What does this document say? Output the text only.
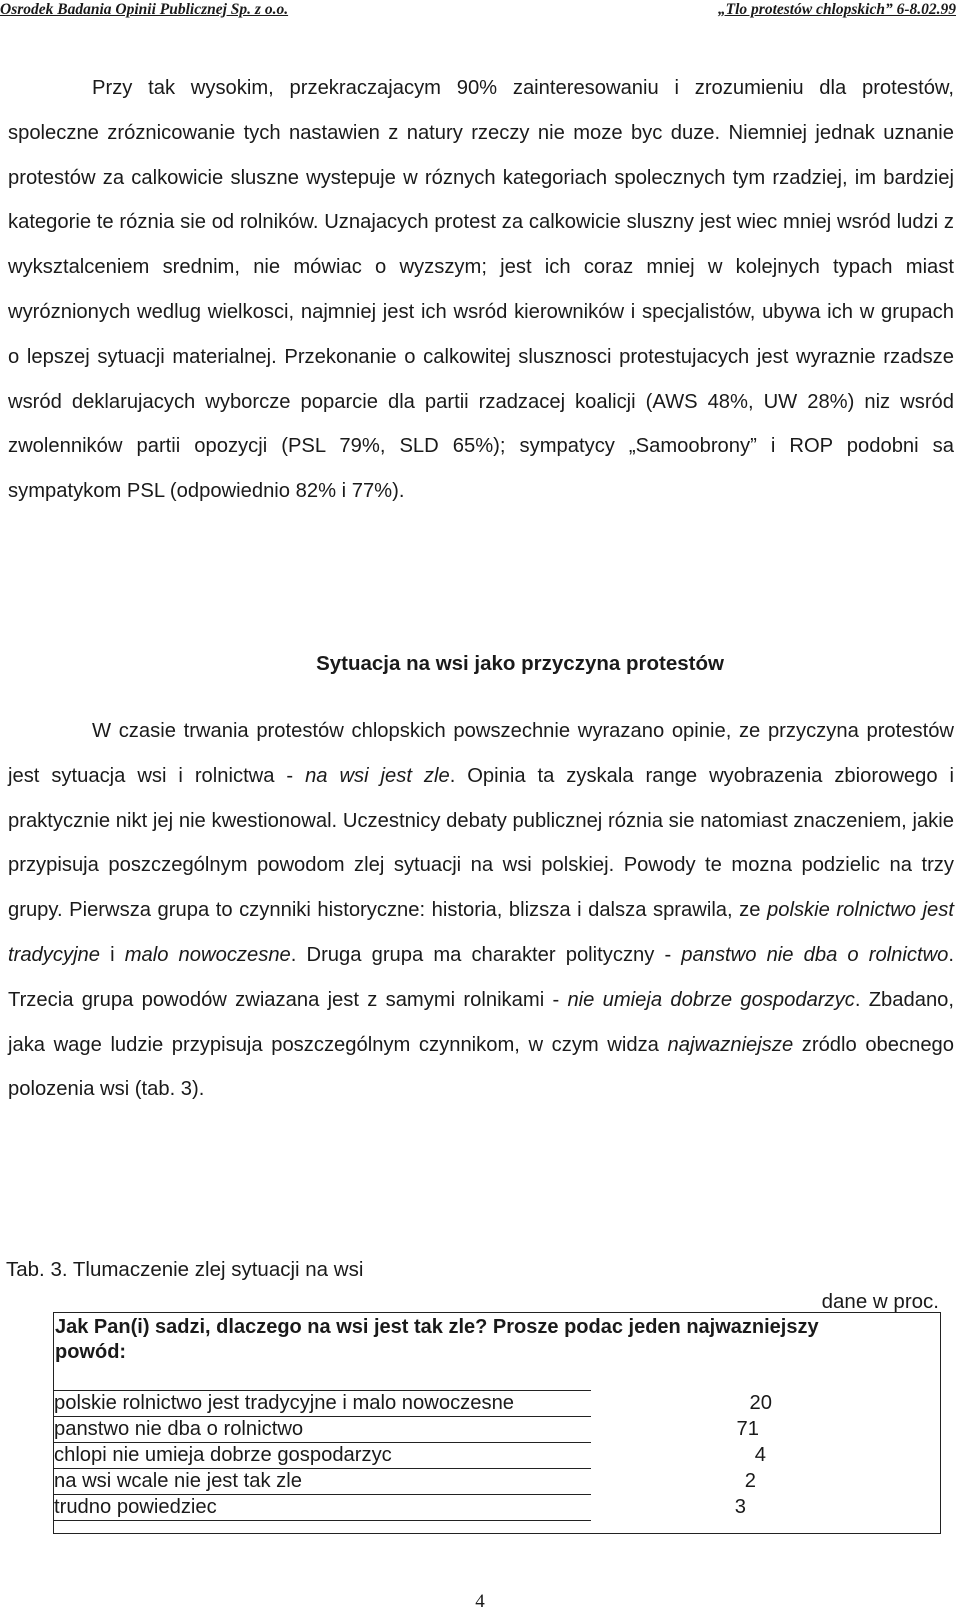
Osrodek Badania Opinii Publicznej Sp. z o.o.	„Tlo protestów chlopskich” 6-8.02.99

Przy tak wysokim, przekraczajacym 90% zainteresowaniu i zrozumieniu dla protestów, spoleczne zróznicowanie tych nastawien z natury rzeczy nie moze byc duze. Niemniej jednak uznanie protestów za calkowicie sluszne wystepuje w róznych kategoriach spolecznych tym rzadziej, im bardziej kategorie te róznia sie od rolników. Uznajacych protest za calkowicie sluszny jest wiec mniej wsród ludzi z wyksztalceniem srednim, nie mówiac o wyzszym; jest ich coraz mniej w kolejnych typach miast wyróznionych wedlug wielkosci, najmniej jest ich wsród kierowników i specjalistów, ubywa ich w grupach o lepszej sytuacji materialnej. Przekonanie o calkowitej slusznosci protestujacych jest wyraznie rzadsze wsród deklarujacych wyborcze poparcie dla partii rzadzacej koalicji (AWS 48%, UW 28%) niz wsród zwolenników partii opozycji (PSL 79%, SLD 65%); sympatycy „Samoobrony” i ROP podobni sa sympatykom PSL (odpowiednio 82% i 77%).

Sytuacja na wsi jako przyczyna protestów

W czasie trwania protestów chlopskich powszechnie wyrazano opinie, ze przyczyna protestów jest sytuacja wsi i rolnictwa - na wsi jest zle. Opinia ta zyskala range wyobrazenia zbiorowego i praktycznie nikt jej nie kwestionowal. Uczestnicy debaty publicznej róznia sie natomiast znaczeniem, jakie przypisuja poszczególnym powodom zlej sytuacji na wsi polskiej. Powody te mozna podzielic na trzy grupy. Pierwsza grupa to czynniki historyczne: historia, blizsza i dalsza sprawila, ze polskie rolnictwo jest tradycyjne i malo nowoczesne. Druga grupa ma charakter polityczny - panstwo nie dba o rolnictwo. Trzecia grupa powodów zwiazana jest z samymi rolnikami - nie umieja dobrze gospodarzyc. Zbadano, jaka wage ludzie przypisuja poszczególnym czynnikom, w czym widza najwazniejsze zródlo obecnego polozenia wsi (tab. 3).

Tab. 3. Tlumaczenie zlej sytuacji na wsi
dane w proc.

Jak Pan(i) sadzi, dlaczego na wsi jest tak zle? Prosze podac jeden najwazniejszy powód:

polskie rolnictwo jest tradycyjne i malo nowoczesne	20
panstwo nie dba o rolnictwo	71
chlopi nie umieja dobrze gospodarzyc	4
na wsi wcale nie jest tak zle	2
trudno powiedziec	3
4
